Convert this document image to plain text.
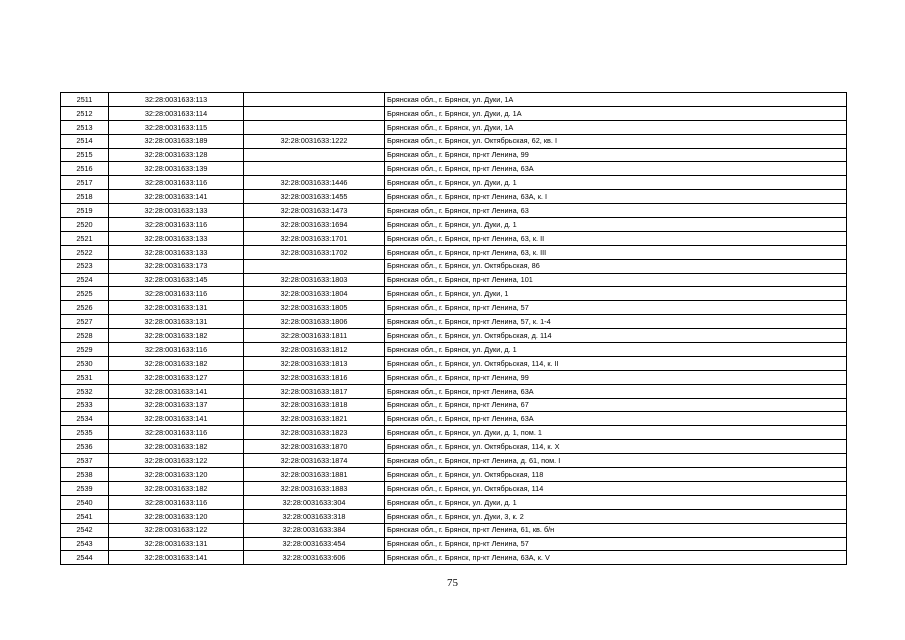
2511	32:28:0031633:113		Брянская обл., г. Брянск, ул. Дуки, 1А
2512	32:28:0031633:114		Брянская обл., г. Брянск, ул. Дуки, д. 1А
2513	32:28:0031633:115		Брянская обл., г. Брянск, ул. Дуки, 1А
2514	32:28:0031633:189	32:28:0031633:1222	Брянская обл., г. Брянск, ул. Октябрьская, 62, кв. I
2515	32:28:0031633:128		Брянская обл., г. Брянск, пр-кт Ленина, 99
2516	32:28:0031633:139		Брянская обл., г. Брянск, пр-кт Ленина, 63А
2517	32:28:0031633:116	32:28:0031633:1446	Брянская обл., г. Брянск, ул. Дуки, д. 1
2518	32:28:0031633:141	32:28:0031633:1455	Брянская обл., г. Брянск, пр-кт Ленина, 63А, к. I
2519	32:28:0031633:133	32:28:0031633:1473	Брянская обл., г. Брянск, пр-кт Ленина, 63
2520	32:28:0031633:116	32:28:0031633:1694	Брянская обл., г. Брянск, ул. Дуки, д. 1
2521	32:28:0031633:133	32:28:0031633:1701	Брянская обл., г. Брянск, пр-кт Ленина, 63, к. II
2522	32:28:0031633:133	32:28:0031633:1702	Брянская обл., г. Брянск, пр-кт Ленина, 63, к. III
2523	32:28:0031633:173		Брянская обл., г. Брянск, ул. Октябрьская, 86
2524	32:28:0031633:145	32:28:0031633:1803	Брянская обл., г. Брянск, пр-кт Ленина, 101
2525	32:28:0031633:116	32:28:0031633:1804	Брянская обл., г. Брянск, ул. Дуки, 1
2526	32:28:0031633:131	32:28:0031633:1805	Брянская обл., г. Брянск, пр-кт Ленина, 57
2527	32:28:0031633:131	32:28:0031633:1806	Брянская обл., г. Брянск, пр-кт Ленина, 57, к. 1-4
2528	32:28:0031633:182	32:28:0031633:1811	Брянская обл., г. Брянск, ул. Октябрьская, д. 114
2529	32:28:0031633:116	32:28:0031633:1812	Брянская обл., г. Брянск, ул. Дуки, д. 1
2530	32:28:0031633:182	32:28:0031633:1813	Брянская обл., г. Брянск, ул. Октябрьская, 114, к. II
2531	32:28:0031633:127	32:28:0031633:1816	Брянская обл., г. Брянск, пр-кт Ленина, 99
2532	32:28:0031633:141	32:28:0031633:1817	Брянская обл., г. Брянск, пр-кт Ленина, 63А
2533	32:28:0031633:137	32:28:0031633:1818	Брянская обл., г. Брянск, пр-кт Ленина, 67
2534	32:28:0031633:141	32:28:0031633:1821	Брянская обл., г. Брянск, пр-кт Ленина, 63А
2535	32:28:0031633:116	32:28:0031633:1823	Брянская обл., г. Брянск, ул. Дуки, д. 1, пом. 1
2536	32:28:0031633:182	32:28:0031633:1870	Брянская обл., г. Брянск, ул. Октябрьская, 114, к. X
2537	32:28:0031633:122	32:28:0031633:1874	Брянская обл., г. Брянск, пр-кт Ленина, д. 61, пом. I
2538	32:28:0031633:120	32:28:0031633:1881	Брянская обл., г. Брянск, ул. Октябрьская, 118
2539	32:28:0031633:182	32:28:0031633:1883	Брянская обл., г. Брянск, ул. Октябрьская, 114
2540	32:28:0031633:116	32:28:0031633:304	Брянская обл., г. Брянск, ул. Дуки, д. 1
2541	32:28:0031633:120	32:28:0031633:318	Брянская обл., г. Брянск, ул. Дуки, 3, к. 2
2542	32:28:0031633:122	32:28:0031633:384	Брянская обл., г. Брянск, пр-кт Ленина, 61, кв. б/н
2543	32:28:0031633:131	32:28:0031633:454	Брянская обл., г. Брянск, пр-кт Ленина, 57
2544	32:28:0031633:141	32:28:0031633:606	Брянская обл., г. Брянск, пр-кт Ленина, 63А, к. V
75
